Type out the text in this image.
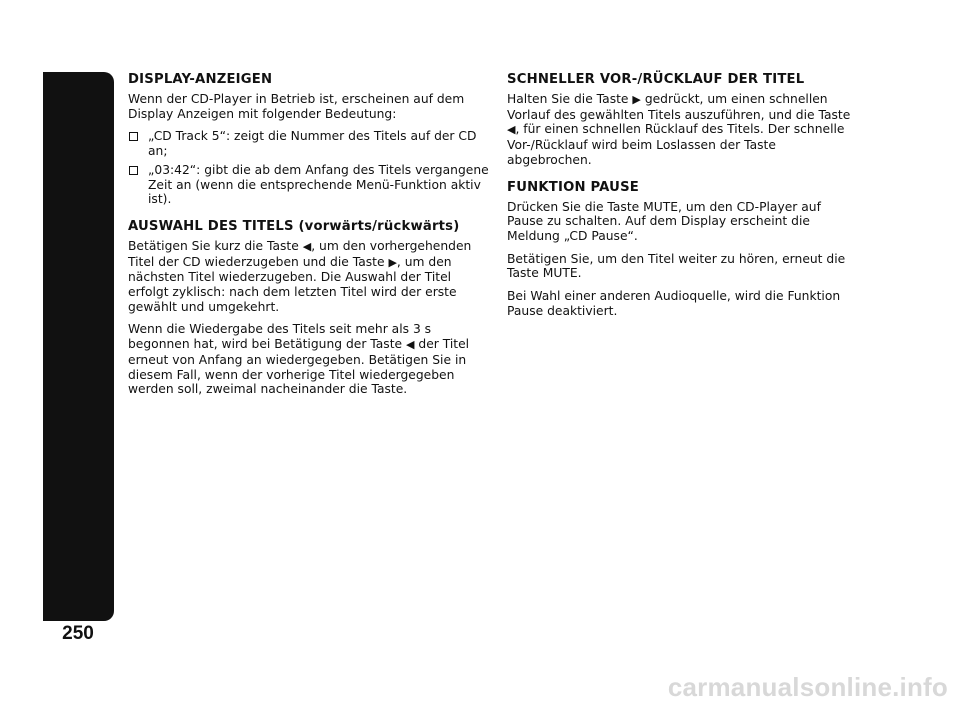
AUTORADIO
250
DISPLAY-ANZEIGEN

Wenn der CD-Player in Betrieb ist, erscheinen auf dem Display Anzeigen mit folgender Bedeutung:

„CD Track 5“: zeigt die Nummer des Titels auf der CD an;
„03:42“: gibt die ab dem Anfang des Titels vergangene Zeit an (wenn die entsprechende Menü-Funktion aktiv ist).
AUSWAHL DES TITELS (vorwärts/rückwärts)

Betätigen Sie kurz die Taste ◀, um den vorhergehenden Titel der CD wiederzugeben und die Taste ▶, um den nächsten Titel wiederzugeben. Die Auswahl der Titel erfolgt zyklisch: nach dem letzten Titel wird der erste gewählt und umgekehrt.

Wenn die Wiedergabe des Titels seit mehr als 3 s begonnen hat, wird bei Betätigung der Taste ◀ der Titel erneut von Anfang an wiedergegeben. Betätigen Sie in diesem Fall, wenn der vorherige Titel wiedergegeben werden soll, zweimal nacheinander die Taste.

SCHNELLER VOR-/RÜCKLAUF DER TITEL

Halten Sie die Taste ▶ gedrückt, um einen schnellen Vorlauf des gewählten Titels auszuführen, und die Taste ◀, für einen schnellen Rücklauf des Titels. Der schnelle Vor-/Rücklauf wird beim Loslassen der Taste abgebrochen.

FUNKTION PAUSE

Drücken Sie die Taste MUTE, um den CD-Player auf Pause zu schalten. Auf dem Display erscheint die Meldung „CD Pause“.

Betätigen Sie, um den Titel weiter zu hören, erneut die Taste MUTE.

Bei Wahl einer anderen Audioquelle, wird die Funktion Pause deaktiviert.

carmanualsonline.info
